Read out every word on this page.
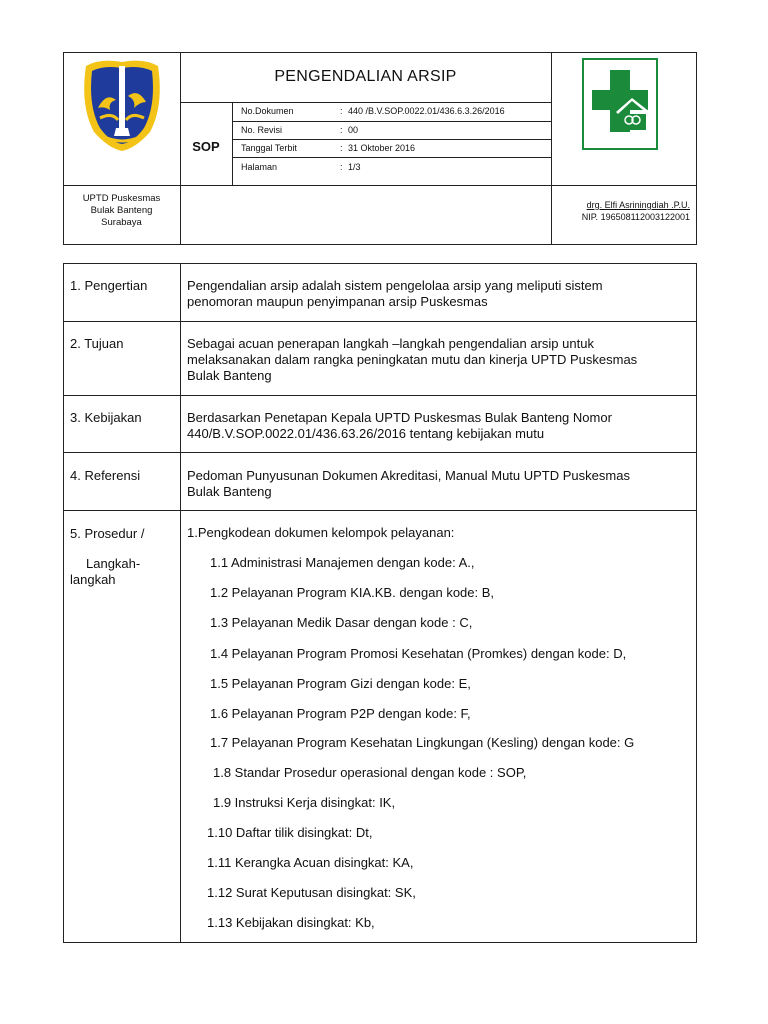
PENGENDALIAN ARSIP
SOP
No.Dokumen	: 440 /B.V.SOP.0022.01/436.6.3.26/2016
No. Revisi	: 00
Tanggal Terbit	: 31 Oktober 2016
Halaman	: 1/3
UPTD Puskesmas
Bulak Banteng
Surabaya
drg. Elfi Asriningdiah .P.U.
NIP. 196508112003122001
1. Pengertian	Pengendalian arsip adalah sistem pengelolaa arsip yang meliputi sistem
penomoran maupun penyimpanan arsip Puskesmas
2. Tujuan	Sebagai acuan penerapan langkah –langkah pengendalian arsip untuk
melaksanakan dalam rangka peningkatan mutu dan kinerja UPTD Puskesmas
Bulak Banteng
3. Kebijakan	Berdasarkan Penetapan Kepala UPTD Puskesmas Bulak Banteng Nomor
440/B.V.SOP.0022.01/436.63.26/2016 tentang kebijakan mutu
4. Referensi	Pedoman Punyusunan Dokumen Akreditasi, Manual Mutu UPTD Puskesmas
Bulak Banteng
5. Prosedur /
Langkah-
langkah
1.Pengkodean dokumen kelompok pelayanan:
1.1 Administrasi Manajemen dengan kode: A.,
1.2 Pelayanan Program KIA.KB. dengan kode: B,
1.3 Pelayanan Medik Dasar dengan kode : C,
1.4 Pelayanan Program Promosi Kesehatan (Promkes) dengan kode: D,
1.5 Pelayanan Program Gizi dengan kode: E,
1.6 Pelayanan Program P2P dengan kode: F,
1.7 Pelayanan Program Kesehatan Lingkungan (Kesling) dengan kode: G
1.8 Standar Prosedur operasional dengan kode : SOP,
1.9 Instruksi Kerja disingkat: IK,
1.10 Daftar tilik disingkat: Dt,
1.11 Kerangka Acuan disingkat: KA,
1.12 Surat Keputusan disingkat: SK,
1.13 Kebijakan disingkat: Kb,
